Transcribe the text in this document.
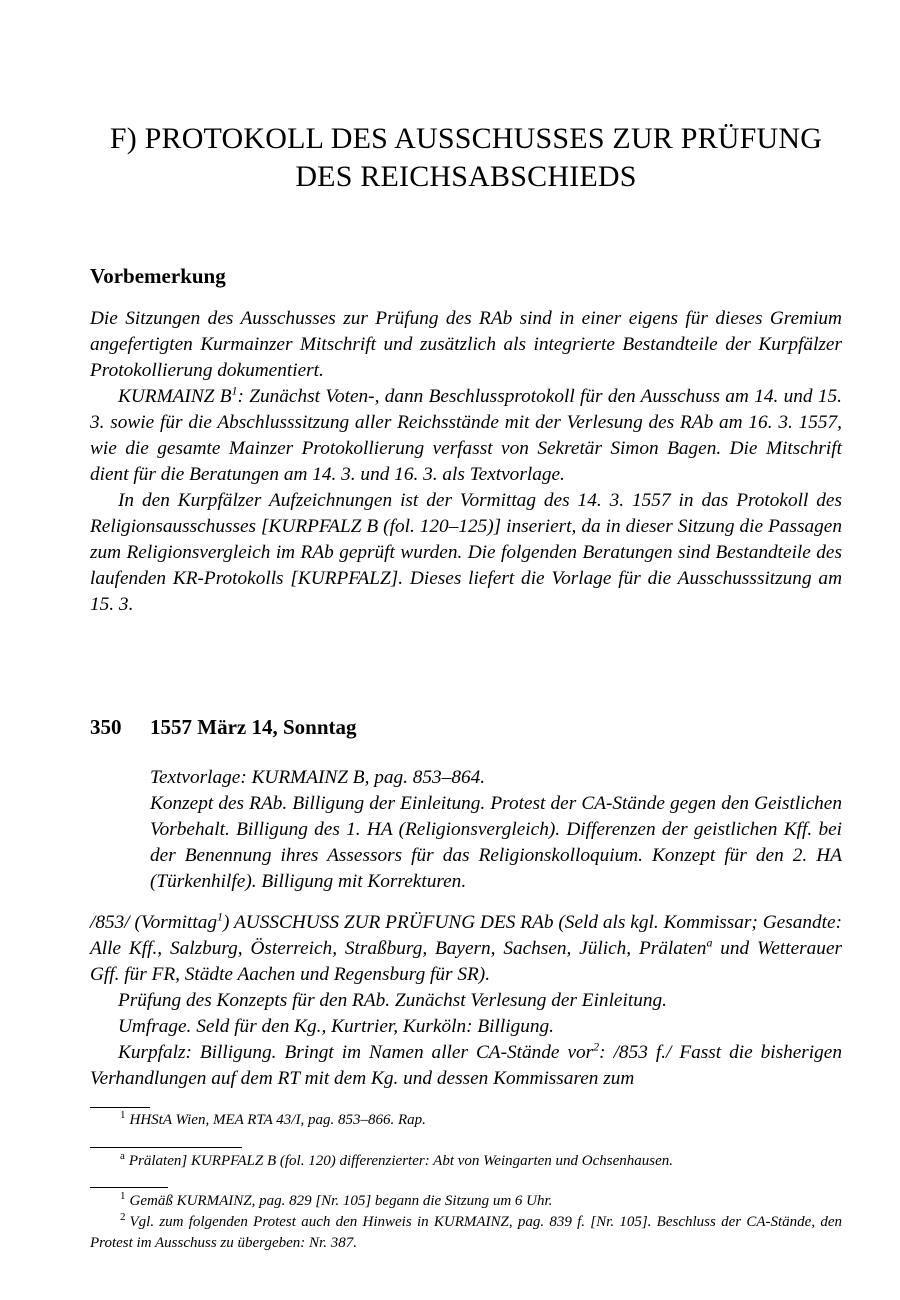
F) PROTOKOLL DES AUSSCHUSSES ZUR PRÜFUNG
DES REICHSABSCHIEDS
Vorbemerkung

Die Sitzungen des Ausschusses zur Prüfung des RAb sind in einer eigens für dieses Gremium angefertigten Kurmainzer Mitschrift und zusätzlich als integrierte Bestandteile der Kurpfälzer Protokollierung dokumentiert.

KURMAINZ $B^1$: Zunächst Voten-, dann Beschlussprotokoll für den Ausschuss am 14. und 15. 3. sowie für die Abschlusssitzung aller Reichsstände mit der Verlesung des RAb am 16. 3. 1557, wie die gesamte Mainzer Protokollierung verfasst von Sekretär Simon Bagen. Die Mitschrift dient für die Beratungen am 14. 3. und 16. 3. als Textvorlage.

In den Kurpfälzer Aufzeichnungen ist der Vormittag des 14. 3. 1557 in das Protokoll des Religionsausschusses [KURPFALZ B (fol. 120–125)] inseriert, da in dieser Sitzung die Passagen zum Religionsvergleich im RAb geprüft wurden. Die folgenden Beratungen sind Bestandteile des laufenden KR-Protokolls [KURPFALZ]. Dieses liefert die Vorlage für die Ausschusssitzung am 15. 3.

350 1557 März 14, Sonntag

Textvorlage: KURMAINZ B, pag. 853–864.

Konzept des RAb. Billigung der Einleitung. Protest der CA-Stände gegen den Geistlichen Vorbehalt. Billigung des 1. HA (Religionsvergleich). Differenzen der geistlichen Kff. bei der Benennung ihres Assessors für das Religionskolloquium. Konzept für den 2. HA (Türkenhilfe). Billigung mit Korrekturen.

/853/ (Vormittag$^1$) AUSSCHUSS ZUR PRÜFUNG DES RAb (Seld als kgl. Kommissar; Gesandte: Alle Kff., Salzburg, Österreich, Straßburg, Bayern, Sachsen, Jülich, Prälaten$^a$ und Wetterauer Gff. für FR, Städte Aachen und Regensburg für SR).

Prüfung des Konzepts für den RAb. Zunächst Verlesung der Einleitung.

Umfrage. Seld für den Kg., Kurtrier, Kurköln: Billigung.

Kurpfalz: Billigung. Bringt im Namen aller CA-Stände vor$^2$: /853 f./ Fasst die bisherigen Verhandlungen auf dem RT mit dem Kg. und dessen Kommissaren zum

$^1$ HHStA Wien, MEA RTA 43/I, pag. 853–866. Rap.

$^a$ Prälaten] KURPFALZ B (fol. 120) differenzierter: Abt von Weingarten und Ochsenhausen.

$^1$ Gemäß KURMAINZ, pag. 829 [Nr. 105] begann die Sitzung um 6 Uhr.

$^2$ Vgl. zum folgenden Protest auch den Hinweis in KURMAINZ, pag. 839 f. [Nr. 105]. Beschluss der CA-Stände, den Protest im Ausschuss zu übergeben: Nr. 387.
